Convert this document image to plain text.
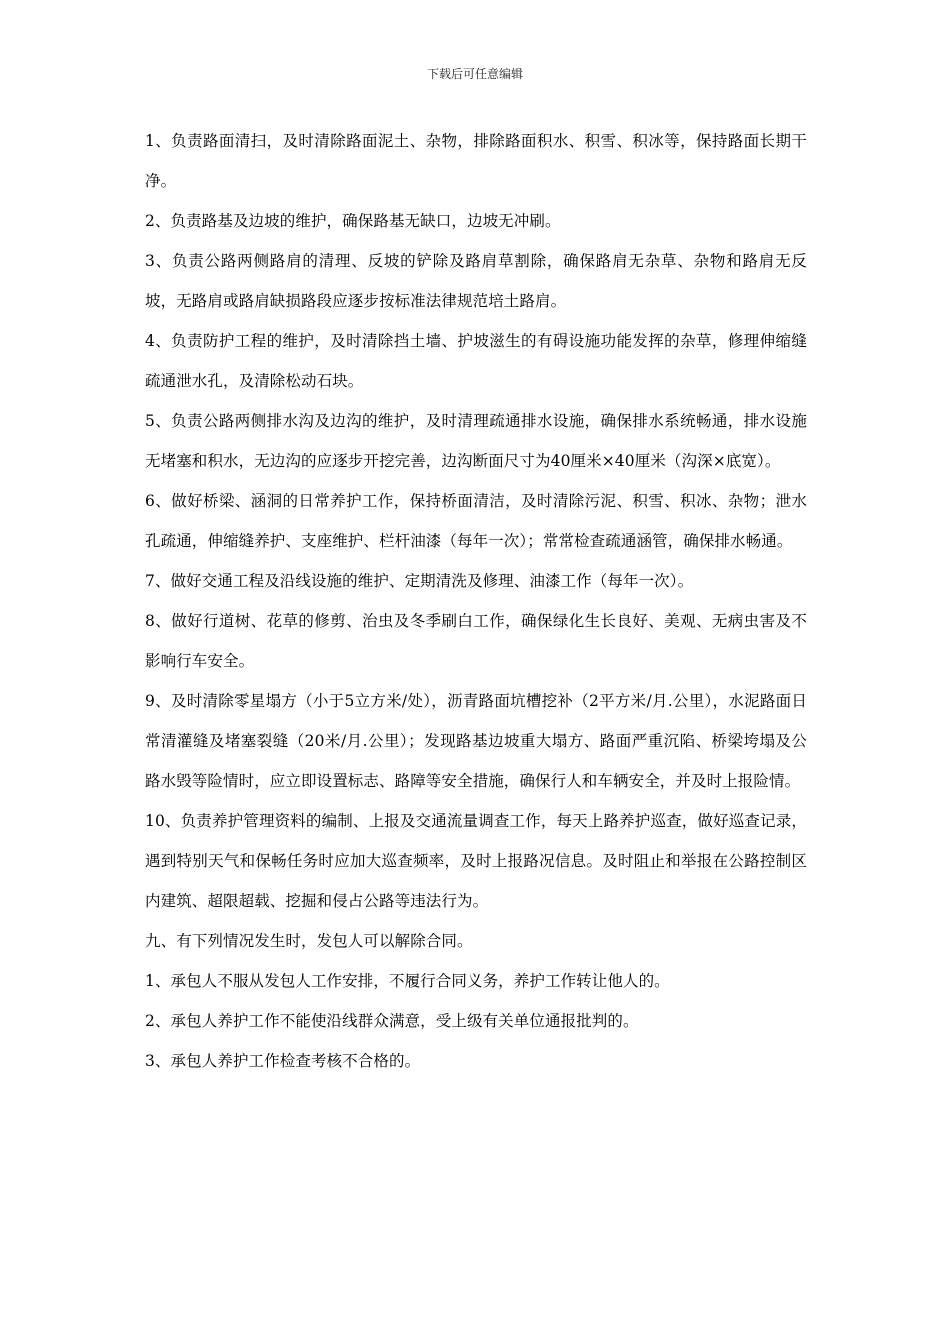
下载后可任意编辑

1、负责路面清扫，及时清除路面泥土、杂物，排除路面积水、积雪、积冰等，保持路面长期干净。

2、负责路基及边坡的维护，确保路基无缺口，边坡无冲刷。

3、负责公路两侧路肩的清理、反坡的铲除及路肩草割除，确保路肩无杂草、杂物和路肩无反坡，无路肩或路肩缺损路段应逐步按标准法律规范培土路肩。

4、负责防护工程的维护，及时清除挡土墙、护坡滋生的有碍设施功能发挥的杂草，修理伸缩缝疏通泄水孔，及清除松动石块。

5、负责公路两侧排水沟及边沟的维护，及时清理疏通排水设施，确保排水系统畅通，排水设施无堵塞和积水，无边沟的应逐步开挖完善，边沟断面尺寸为40厘米×40厘米（沟深×底宽）。

6、做好桥梁、涵洞的日常养护工作，保持桥面清洁，及时清除污泥、积雪、积冰、杂物；泄水孔疏通，伸缩缝养护、支座维护、栏杆油漆（每年一次）；常常检查疏通涵管，确保排水畅通。

7、做好交通工程及沿线设施的维护、定期清洗及修理、油漆工作（每年一次）。

8、做好行道树、花草的修剪、治虫及冬季刷白工作，确保绿化生长良好、美观、无病虫害及不影响行车安全。

9、及时清除零星塌方（小于5立方米/处），沥青路面坑槽挖补（2平方米/月.公里），水泥路面日常清灌缝及堵塞裂缝（20米/月.公里）；发现路基边坡重大塌方、路面严重沉陷、桥梁垮塌及公路水毁等险情时，应立即设置标志、路障等安全措施，确保行人和车辆安全，并及时上报险情。

10、负责养护管理资料的编制、上报及交通流量调查工作，每天上路养护巡查，做好巡查记录，遇到特别天气和保畅任务时应加大巡查频率，及时上报路况信息。及时阻止和举报在公路控制区内建筑、超限超载、挖掘和侵占公路等违法行为。

九、有下列情况发生时，发包人可以解除合同。

1、承包人不服从发包人工作安排，不履行合同义务，养护工作转让他人的。

2、承包人养护工作不能使沿线群众满意，受上级有关单位通报批判的。

3、承包人养护工作检查考核不合格的。
